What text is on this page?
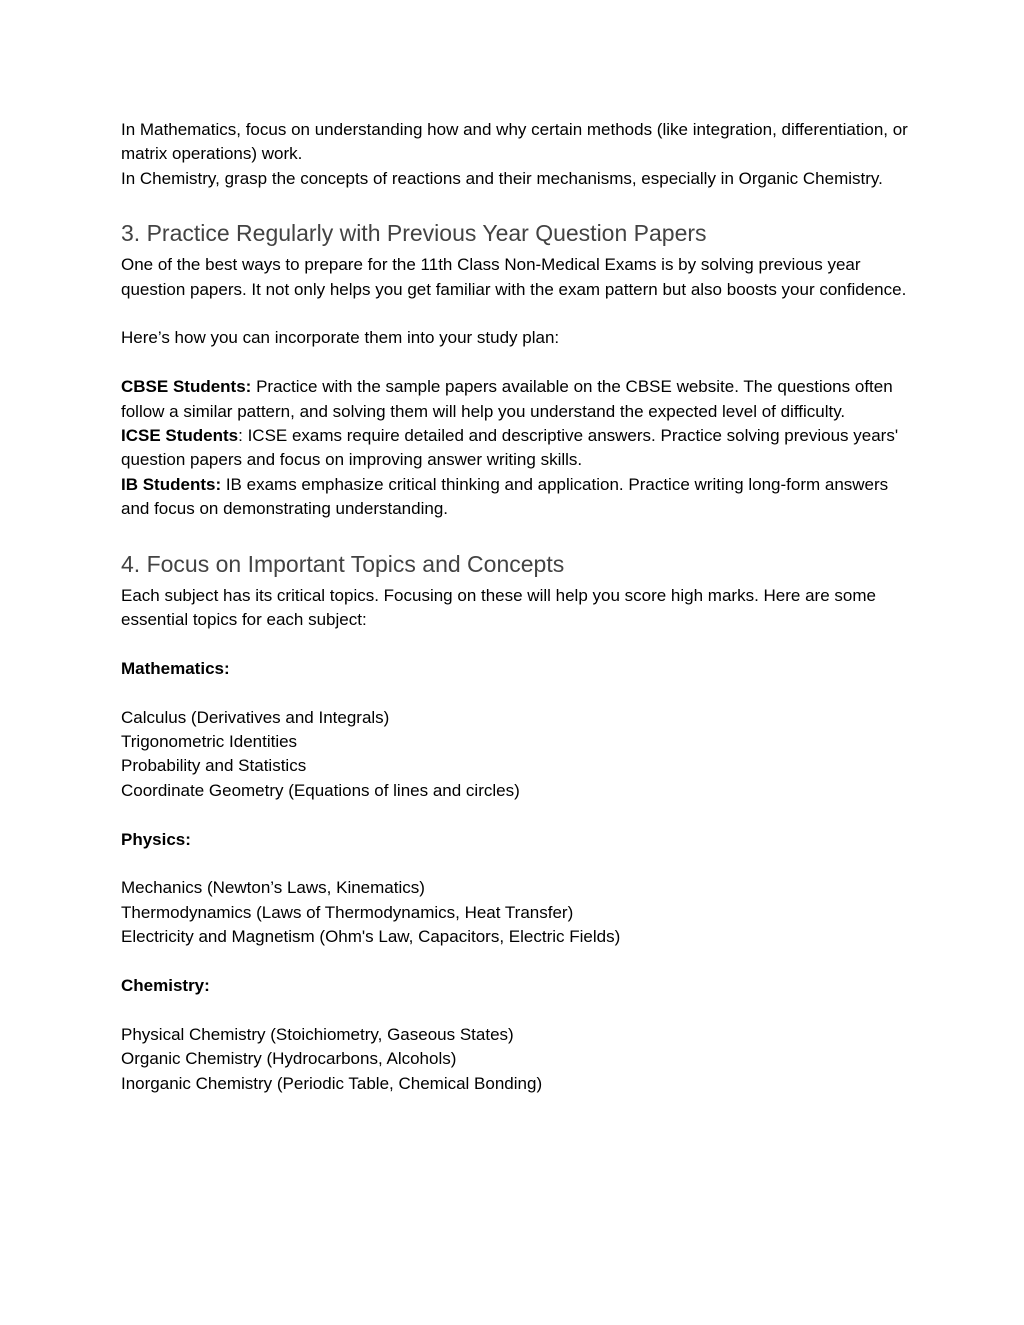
In Mathematics, focus on understanding how and why certain methods (like integration, differentiation, or matrix operations) work.

In Chemistry, grasp the concepts of reactions and their mechanisms, especially in Organic Chemistry.

3. Practice Regularly with Previous Year Question Papers

One of the best ways to prepare for the 11th Class Non-Medical Exams is by solving previous year question papers. It not only helps you get familiar with the exam pattern but also boosts your confidence.

Here’s how you can incorporate them into your study plan:

CBSE Students: Practice with the sample papers available on the CBSE website. The questions often follow a similar pattern, and solving them will help you understand the expected level of difficulty.

ICSE Students: ICSE exams require detailed and descriptive answers. Practice solving previous years' question papers and focus on improving answer writing skills.

IB Students: IB exams emphasize critical thinking and application. Practice writing long-form answers and focus on demonstrating understanding.

4. Focus on Important Topics and Concepts

Each subject has its critical topics. Focusing on these will help you score high marks. Here are some essential topics for each subject:

Mathematics:

Calculus (Derivatives and Integrals)

Trigonometric Identities

Probability and Statistics

Coordinate Geometry (Equations of lines and circles)

Physics:

Mechanics (Newton’s Laws, Kinematics)

Thermodynamics (Laws of Thermodynamics, Heat Transfer)

Electricity and Magnetism (Ohm's Law, Capacitors, Electric Fields)

Chemistry:

Physical Chemistry (Stoichiometry, Gaseous States)

Organic Chemistry (Hydrocarbons, Alcohols)

Inorganic Chemistry (Periodic Table, Chemical Bonding)
